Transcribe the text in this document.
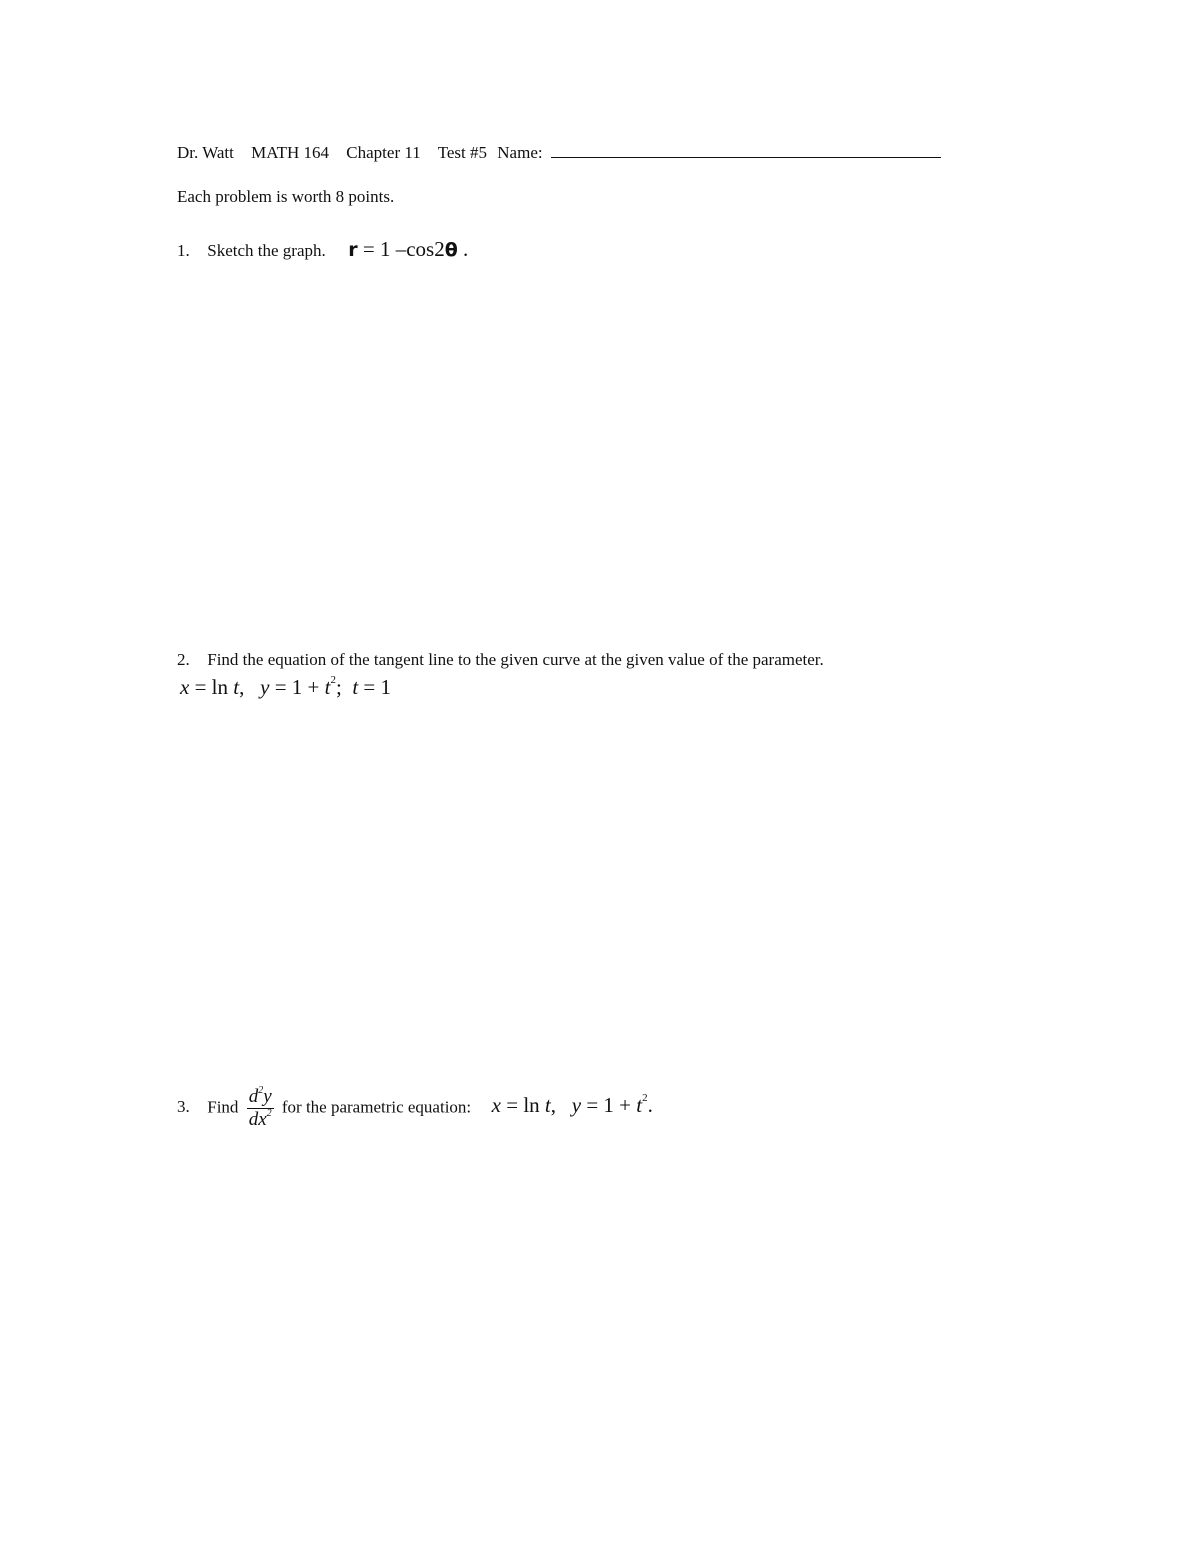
Dr. Watt MATH 164 Chapter 11 Test #5 Name:
Each problem is worth 8 points.
1. Sketch the graph. r = 1 –cos2θ .
2. Find the equation of the tangent line to the given curve at the given value of the parameter.
x = ln t,   $y = 1 + t^2$;  t = 1
3. Find $\frac{d^2y}{dx^2}$ for the parametric equation: x = ln t,   $y = 1 + t^2$.
